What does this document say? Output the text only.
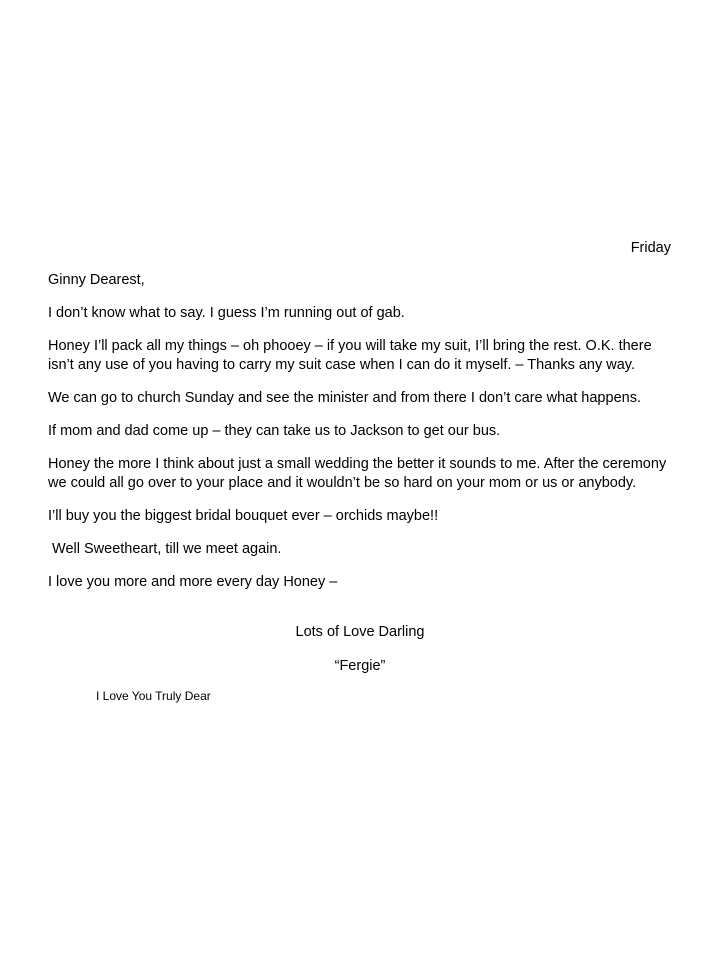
Friday

Ginny Dearest,

I don’t know what to say. I guess I’m running out of gab.

Honey I’ll pack all my things – oh phooey – if you will take my suit, I’ll bring the rest. O.K. there isn’t any use of you having to carry my suit case when I can do it myself. – Thanks any way.

We can go to church Sunday and see the minister and from there I don’t care what happens.

If mom and dad come up – they can take us to Jackson to get our bus.

Honey the more I think about just a small wedding the better it sounds to me. After the ceremony we could all go over to your place and it wouldn’t be so hard on your mom or us or anybody.

I’ll buy you the biggest bridal bouquet ever – orchids maybe!!

Well Sweetheart, till we meet again.

I love you more and more every day Honey –

Lots of Love Darling
“Fergie”
I Love You Truly Dear
